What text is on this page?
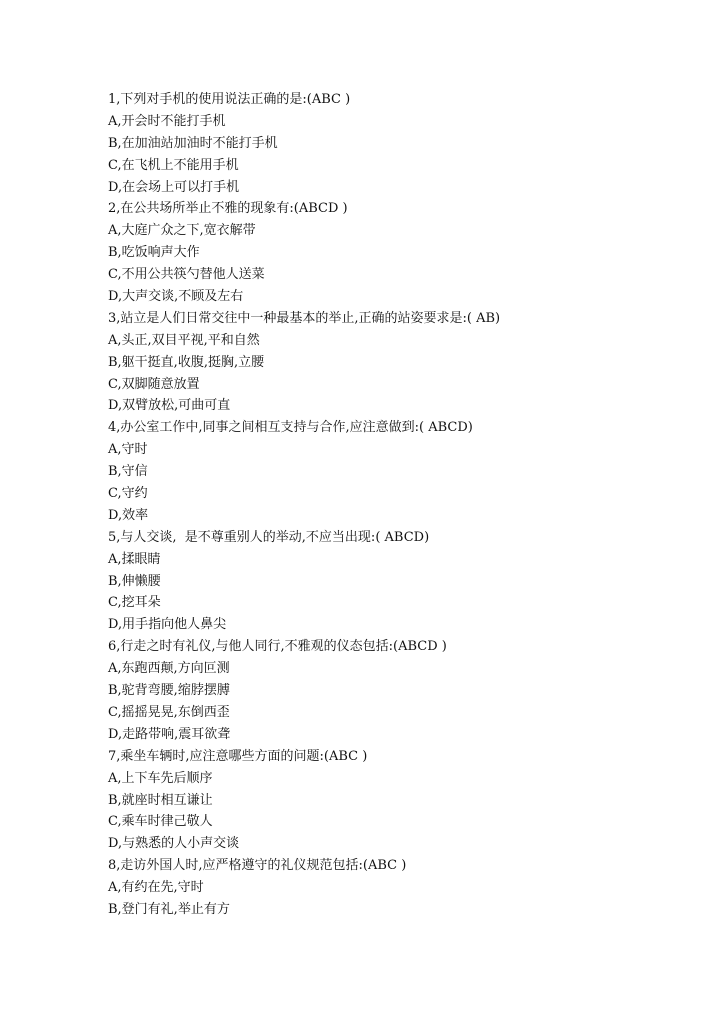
1,下列对手机的使用说法正确的是:(ABC )
A,开会时不能打手机
B,在加油站加油时不能打手机
C,在飞机上不能用手机
D,在会场上可以打手机
2,在公共场所举止不雅的现象有:(ABCD )
A,大庭广众之下,宽衣解带
B,吃饭响声大作
C,不用公共筷勺替他人送菜
D,大声交谈,不顾及左右
3,站立是人们日常交往中一种最基本的举止,正确的站姿要求是:( AB)
A,头正,双目平视,平和自然
B,躯干挺直,收腹,挺胸,立腰
C,双脚随意放置
D,双臂放松,可曲可直
4,办公室工作中,同事之间相互支持与合作,应注意做到:( ABCD)
A,守时
B,守信
C,守约
D,效率
5,与人交谈,  是不尊重别人的举动,不应当出现:( ABCD)
A,揉眼睛
B,伸懒腰
C,挖耳朵
D,用手指向他人鼻尖
6,行走之时有礼仪,与他人同行,不雅观的仪态包括:(ABCD )
A,东跑西颠,方向叵测
B,驼背弯腰,缩脖摆膊
C,摇摇晃晃,东倒西歪
D,走路带响,震耳欲聋
7,乘坐车辆时,应注意哪些方面的问题:(ABC )
A,上下车先后顺序
B,就座时相互谦让
C,乘车时律己敬人
D,与熟悉的人小声交谈
8,走访外国人时,应严格遵守的礼仪规范包括:(ABC )
A,有约在先,守时
B,登门有礼,举止有方
